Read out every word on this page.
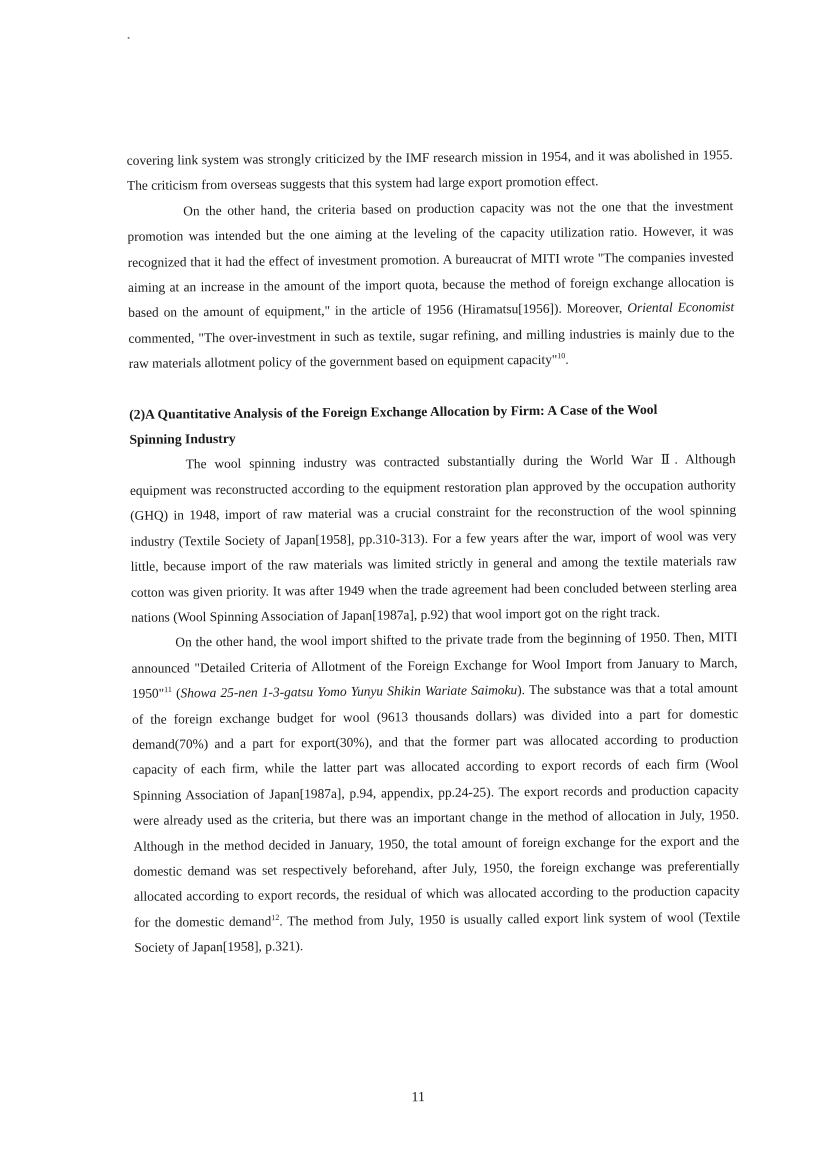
covering link system was strongly criticized by the IMF research mission in 1954, and it was abolished in 1955. The criticism from overseas suggests that this system had large export promotion effect.

On the other hand, the criteria based on production capacity was not the one that the investment promotion was intended but the one aiming at the leveling of the capacity utilization ratio. However, it was recognized that it had the effect of investment promotion. A bureaucrat of MITI wrote "The companies invested aiming at an increase in the amount of the import quota, because the method of foreign exchange allocation is based on the amount of equipment," in the article of 1956 (Hiramatsu[1956]). Moreover, Oriental Economist commented, "The over-investment in such as textile, sugar refining, and milling industries is mainly due to the raw materials allotment policy of the government based on equipment capacity"$^{10}$.

(2)A Quantitative Analysis of the Foreign Exchange Allocation by Firm: A Case of the Wool
Spinning Industry

The wool spinning industry was contracted substantially during the World War Ⅱ. Although equipment was reconstructed according to the equipment restoration plan approved by the occupation authority (GHQ) in 1948, import of raw material was a crucial constraint for the reconstruction of the wool spinning industry (Textile Society of Japan[1958], pp.310-313). For a few years after the war, import of wool was very little, because import of the raw materials was limited strictly in general and among the textile materials raw cotton was given priority. It was after 1949 when the trade agreement had been concluded between sterling area nations (Wool Spinning Association of Japan[1987a], p.92) that wool import got on the right track.

On the other hand, the wool import shifted to the private trade from the beginning of 1950. Then, MITI announced "Detailed Criteria of Allotment of the Foreign Exchange for Wool Import from January to March, 1950"$^{11}$ (Showa 25-nen 1-3-gatsu Yomo Yunyu Shikin Wariate Saimoku). The substance was that a total amount of the foreign exchange budget for wool (9613 thousands dollars) was divided into a part for domestic demand(70%) and a part for export(30%), and that the former part was allocated according to production capacity of each firm, while the latter part was allocated according to export records of each firm (Wool Spinning Association of Japan[1987a], p.94, appendix, pp.24-25). The export records and production capacity were already used as the criteria, but there was an important change in the method of allocation in July, 1950. Although in the method decided in January, 1950, the total amount of foreign exchange for the export and the domestic demand was set respectively beforehand, after July, 1950, the foreign exchange was preferentially allocated according to export records, the residual of which was allocated according to the production capacity for the domestic demand$^{12}$. The method from July, 1950 is usually called export link system of wool (Textile Society of Japan[1958], p.321).

11
